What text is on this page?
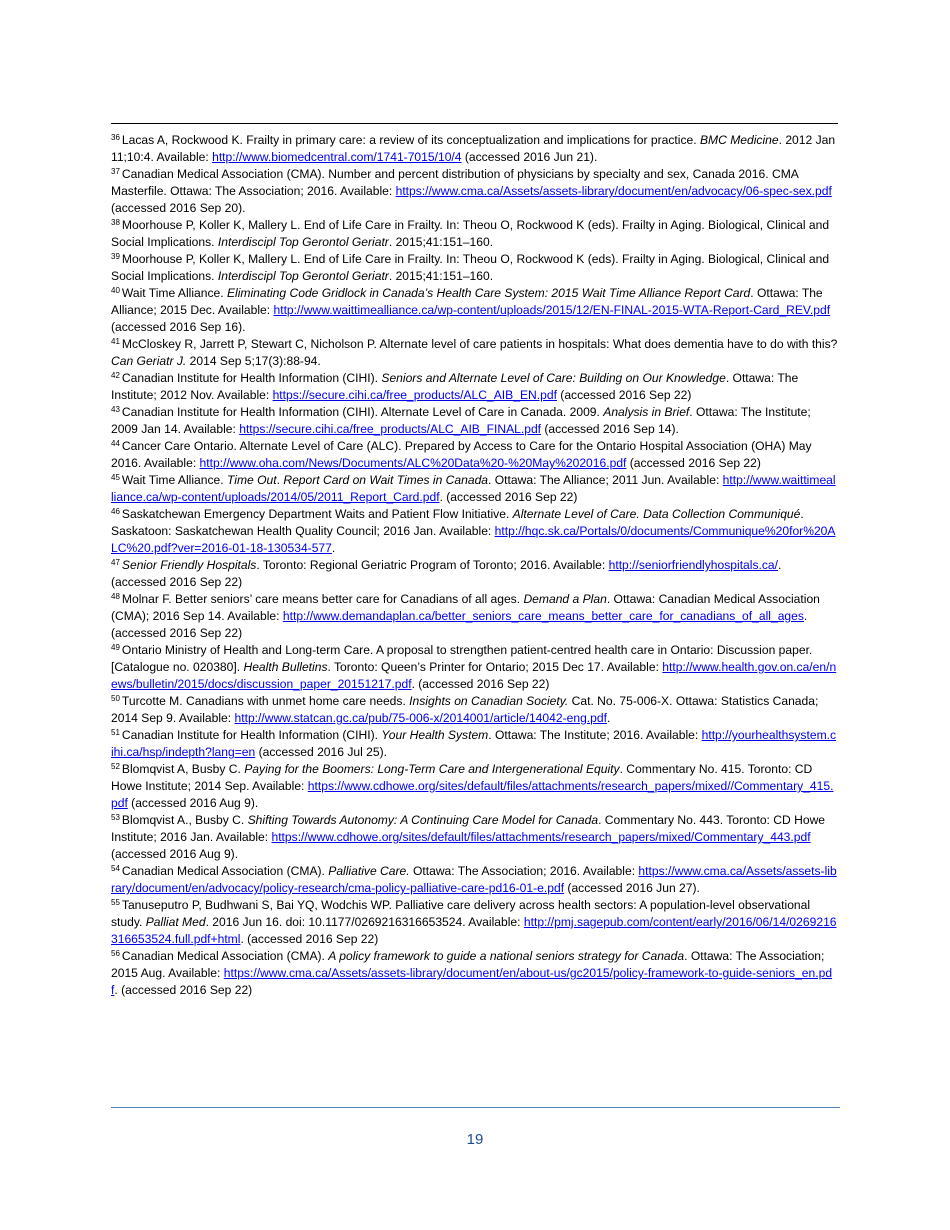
$^{36}$ Lacas A, Rockwood K. Frailty in primary care: a review of its conceptualization and implications for practice. BMC Medicine. 2012 Jan 11;10:4. Available: http://www.biomedcentral.com/1741-7015/10/4 (accessed 2016 Jun 21).

$^{37}$ Canadian Medical Association (CMA). Number and percent distribution of physicians by specialty and sex, Canada 2016. CMA Masterfile. Ottawa: The Association; 2016. Available: https://www.cma.ca/Assets/assets-library/document/en/advocacy/06-spec-sex.pdf (accessed 2016 Sep 20).

$^{38}$ Moorhouse P, Koller K, Mallery L. End of Life Care in Frailty. In: Theou O, Rockwood K (eds). Frailty in Aging. Biological, Clinical and Social Implications. Interdiscipl Top Gerontol Geriatr. 2015;41:151–160.

$^{39}$ Moorhouse P, Koller K, Mallery L. End of Life Care in Frailty. In: Theou O, Rockwood K (eds). Frailty in Aging. Biological, Clinical and Social Implications. Interdiscipl Top Gerontol Geriatr. 2015;41:151–160.

$^{40}$ Wait Time Alliance. Eliminating Code Gridlock in Canada’s Health Care System: 2015 Wait Time Alliance Report Card. Ottawa: The Alliance; 2015 Dec. Available: http://www.waittimealliance.ca/wp-content/uploads/2015/12/EN-FINAL-2015-WTA-Report-Card_REV.pdf (accessed 2016 Sep 16).

$^{41}$ McCloskey R, Jarrett P, Stewart C, Nicholson P. Alternate level of care patients in hospitals: What does dementia have to do with this? Can Geriatr J. 2014 Sep 5;17(3):88-94.

$^{42}$ Canadian Institute for Health Information (CIHI). Seniors and Alternate Level of Care: Building on Our Knowledge. Ottawa: The Institute; 2012 Nov. Available: https://secure.cihi.ca/free_products/ALC_AIB_EN.pdf (accessed 2016 Sep 22)

$^{43}$ Canadian Institute for Health Information (CIHI). Alternate Level of Care in Canada. 2009. Analysis in Brief. Ottawa: The Institute; 2009 Jan 14. Available: https://secure.cihi.ca/free_products/ALC_AIB_FINAL.pdf (accessed 2016 Sep 14).

$^{44}$ Cancer Care Ontario. Alternate Level of Care (ALC). Prepared by Access to Care for the Ontario Hospital Association (OHA) May 2016. Available: http://www.oha.com/News/Documents/ALC%20Data%20-%20May%202016.pdf (accessed 2016 Sep 22)

$^{45}$ Wait Time Alliance. Time Out. Report Card on Wait Times in Canada. Ottawa: The Alliance; 2011 Jun. Available: http://www.waittimealliance.ca/wp-content/uploads/2014/05/2011_Report_Card.pdf. (accessed 2016 Sep 22)

$^{46}$ Saskatchewan Emergency Department Waits and Patient Flow Initiative. Alternate Level of Care. Data Collection Communiqué. Saskatoon: Saskatchewan Health Quality Council; 2016 Jan. Available: http://hqc.sk.ca/Portals/0/documents/Communique%20for%20ALC%20.pdf?ver=2016-01-18-130534-577.

$^{47}$ Senior Friendly Hospitals. Toronto: Regional Geriatric Program of Toronto; 2016. Available: http://seniorfriendlyhospitals.ca/. (accessed 2016 Sep 22)

$^{48}$ Molnar F. Better seniors’ care means better care for Canadians of all ages. Demand a Plan. Ottawa: Canadian Medical Association (CMA); 2016 Sep 14. Available: http://www.demandaplan.ca/better_seniors_care_means_better_care_for_canadians_of_all_ages. (accessed 2016 Sep 22)

$^{49}$ Ontario Ministry of Health and Long-term Care. A proposal to strengthen patient-centred health care in Ontario: Discussion paper. [Catalogue no. 020380]. Health Bulletins. Toronto: Queen’s Printer for Ontario; 2015 Dec 17. Available: http://www.health.gov.on.ca/en/news/bulletin/2015/docs/discussion_paper_20151217.pdf. (accessed 2016 Sep 22)

$^{50}$ Turcotte M. Canadians with unmet home care needs. Insights on Canadian Society. Cat. No. 75-006-X. Ottawa: Statistics Canada; 2014 Sep 9. Available: http://www.statcan.gc.ca/pub/75-006-x/2014001/article/14042-eng.pdf.

$^{51}$ Canadian Institute for Health Information (CIHI). Your Health System. Ottawa: The Institute; 2016. Available: http://yourhealthsystem.cihi.ca/hsp/indepth?lang=en (accessed 2016 Jul 25).

$^{52}$ Blomqvist A, Busby C. Paying for the Boomers: Long-Term Care and Intergenerational Equity. Commentary No. 415. Toronto: CD Howe Institute; 2014 Sep. Available: https://www.cdhowe.org/sites/default/files/attachments/research_papers/mixed//Commentary_415.pdf (accessed 2016 Aug 9).

$^{53}$ Blomqvist A., Busby C. Shifting Towards Autonomy: A Continuing Care Model for Canada. Commentary No. 443. Toronto: CD Howe Institute; 2016 Jan. Available: https://www.cdhowe.org/sites/default/files/attachments/research_papers/mixed/Commentary_443.pdf (accessed 2016 Aug 9).

$^{54}$ Canadian Medical Association (CMA). Palliative Care. Ottawa: The Association; 2016. Available: https://www.cma.ca/Assets/assets-library/document/en/advocacy/policy-research/cma-policy-palliative-care-pd16-01-e.pdf (accessed 2016 Jun 27).

$^{55}$ Tanuseputro P, Budhwani S, Bai YQ, Wodchis WP. Palliative care delivery across health sectors: A population-level observational study. Palliat Med. 2016 Jun 16. doi: 10.1177/0269216316653524. Available: http://pmj.sagepub.com/content/early/2016/06/14/0269216316653524.full.pdf+html. (accessed 2016 Sep 22)

$^{56}$ Canadian Medical Association (CMA). A policy framework to guide a national seniors strategy for Canada. Ottawa: The Association; 2015 Aug. Available: https://www.cma.ca/Assets/assets-library/document/en/about-us/gc2015/policy-framework-to-guide-seniors_en.pdf. (accessed 2016 Sep 22)

19
